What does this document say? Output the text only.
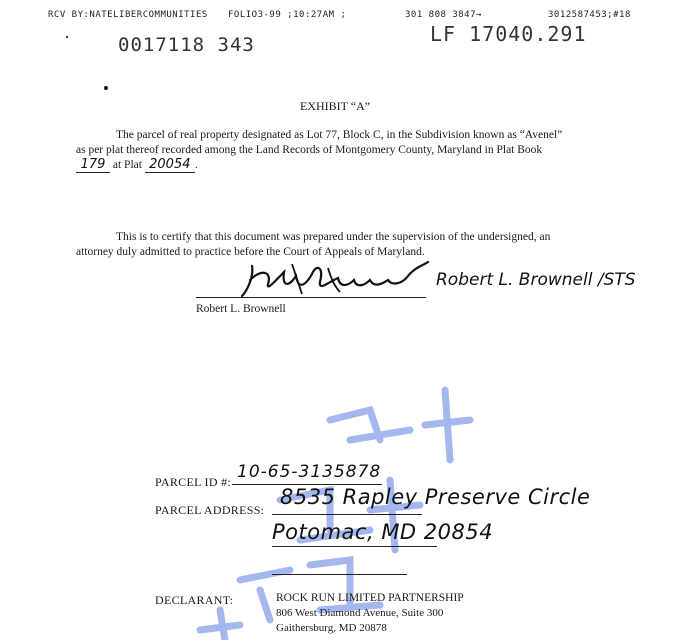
RCV BY:NATELIBERCOMMUNITIES FOLIO3-99 ;10:27AM ;	301 808 3847→	3012587453;#18
0017118 343	LF 17040.291
EXHIBIT “A”
The parcel of real property designated as Lot 77, Block C, in the Subdivision known as “Avenel”
as per plat thereof recorded among the Land Records of Montgomery County, Maryland in Plat Book
179 at Plat 20054 .
This is to certify that this document was prepared under the supervision of the undersigned, an
attorney duly admitted to practice before the Court of Appeals of Maryland.
Robert L. Brownell /STS
Robert L. Brownell
PARCEL ID #: 10-65-3135878
PARCEL ADDRESS:
8535 Rapley Preserve Circle
Potomac, MD 20854
DECLARANT:	ROCK RUN LIMITED PARTNERSHIP
806 West Diamond Avenue, Suite 300
Gaithersburg, MD 20878
